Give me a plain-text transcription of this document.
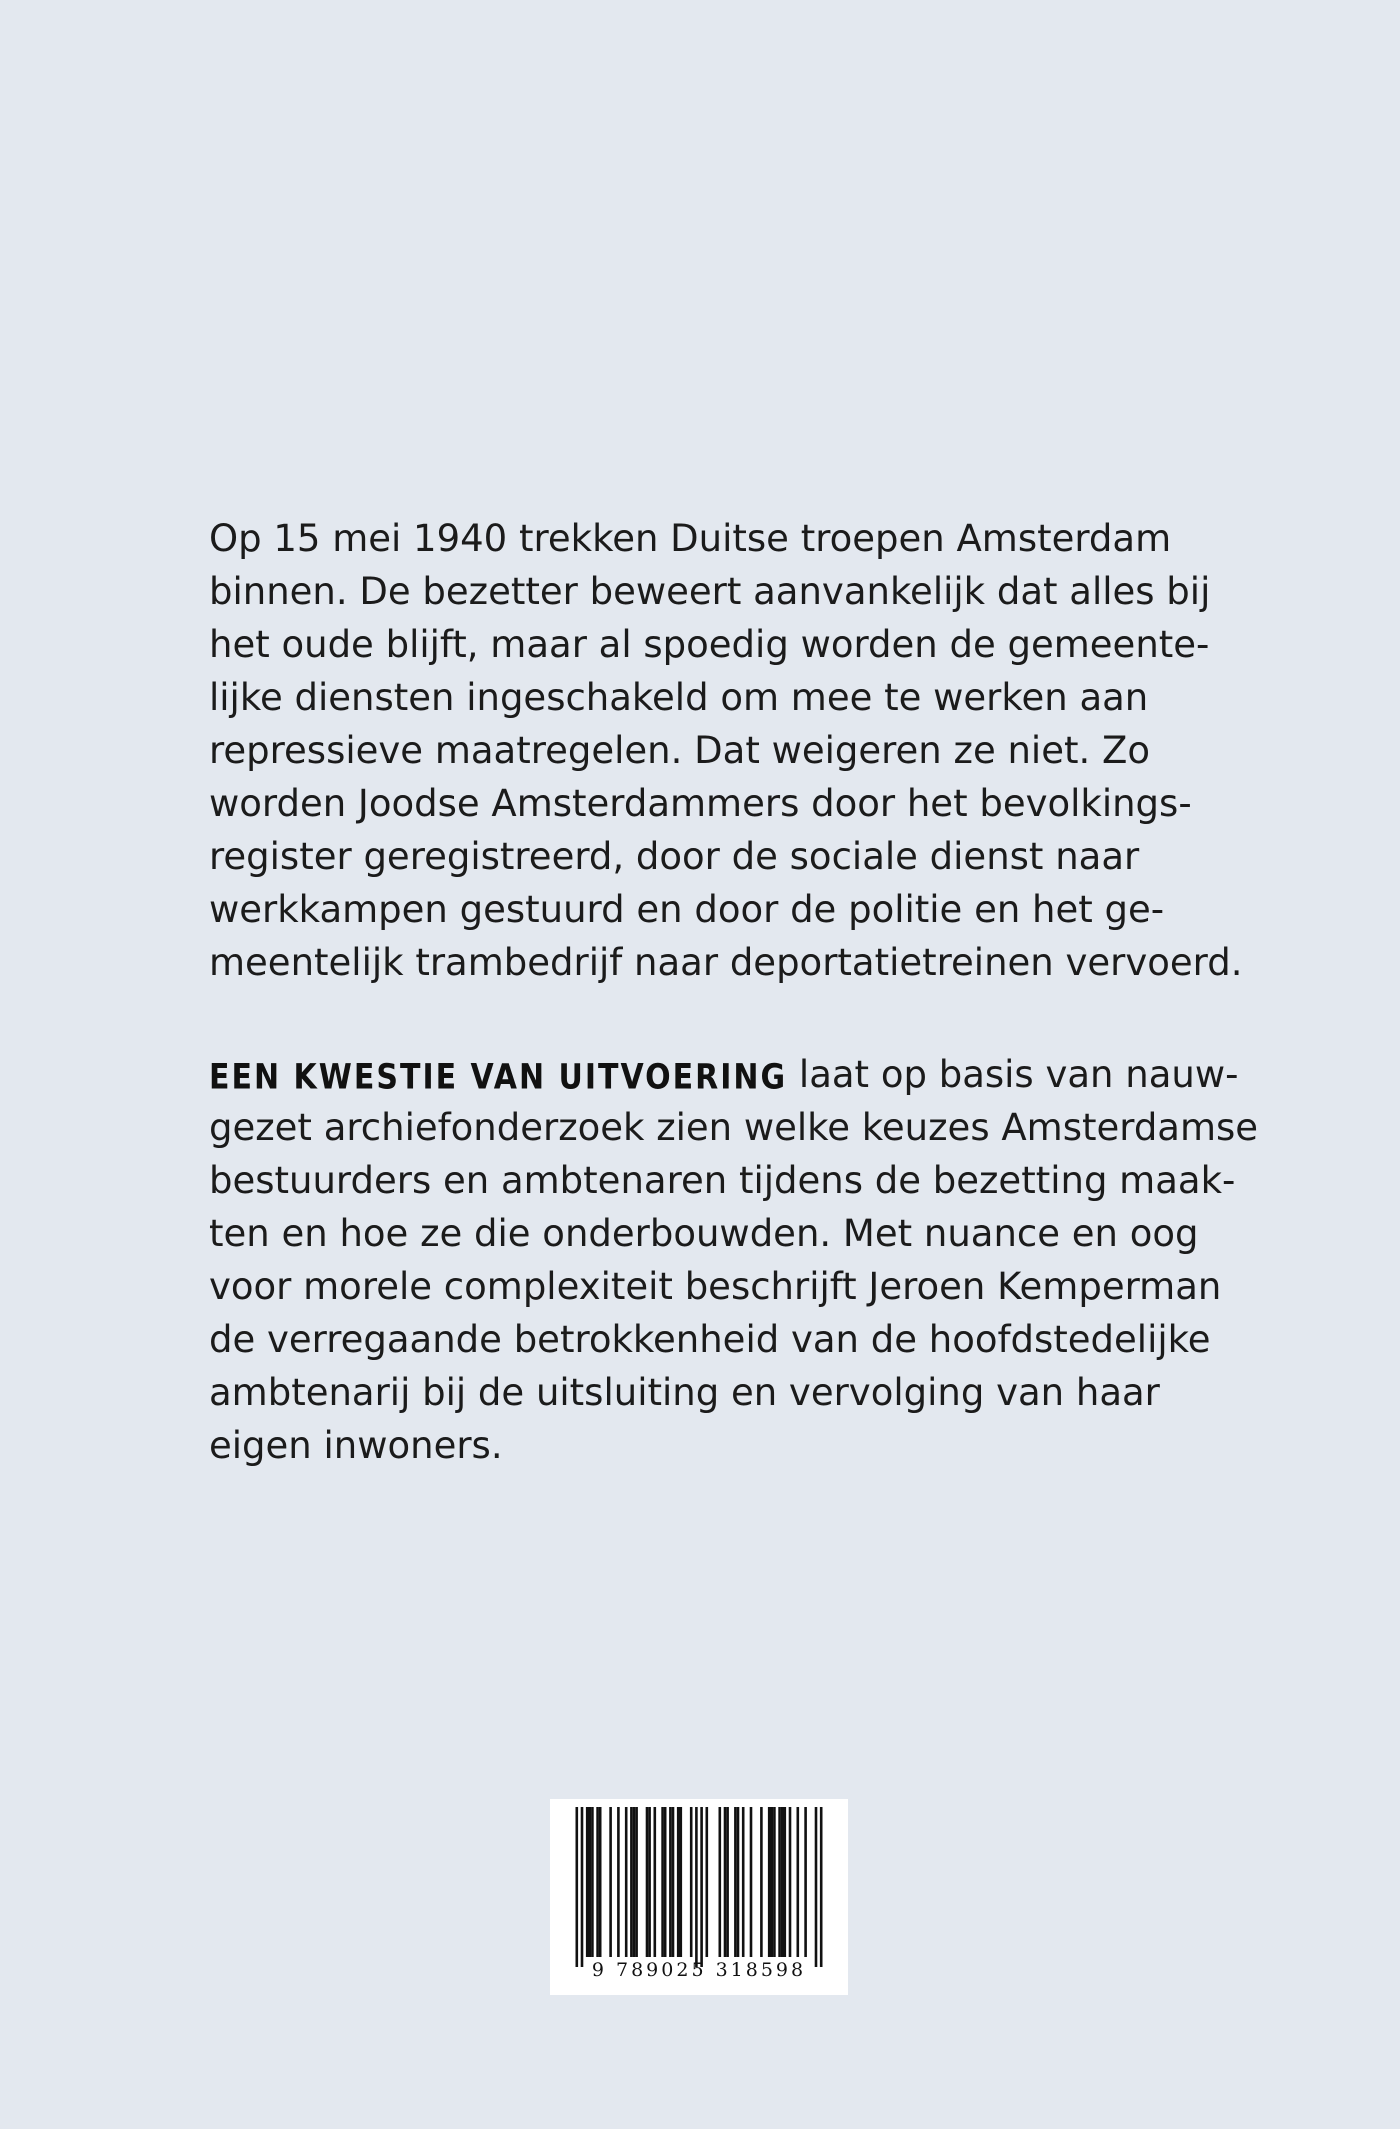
Op 15 mei 1940 trekken Duitse troepen Amsterdam
binnen. De bezetter beweert aanvankelijk dat alles bij
het oude blijft, maar al spoedig worden de gemeente-
lijke diensten ingeschakeld om mee te werken aan
repressieve maatregelen. Dat weigeren ze niet. Zo
worden Joodse Amsterdammers door het bevolkings-
register geregistreerd, door de sociale dienst naar
werkkampen gestuurd en door de politie en het ge-
meentelijk trambedrijf naar deportatietreinen vervoerd.
EEN KWESTIE VAN UITVOERING laat op basis van nauw-
gezet archiefonderzoek zien welke keuzes Amsterdamse
bestuurders en ambtenaren tijdens de bezetting maak-
ten en hoe ze die onderbouwden. Met nuance en oog
voor morele complexiteit beschrijft Jeroen Kemperman
de verregaande betrokkenheid van de hoofdstedelijke
ambtenarij bij de uitsluiting en vervolging van haar
eigen inwoners.
9 789025 318598
